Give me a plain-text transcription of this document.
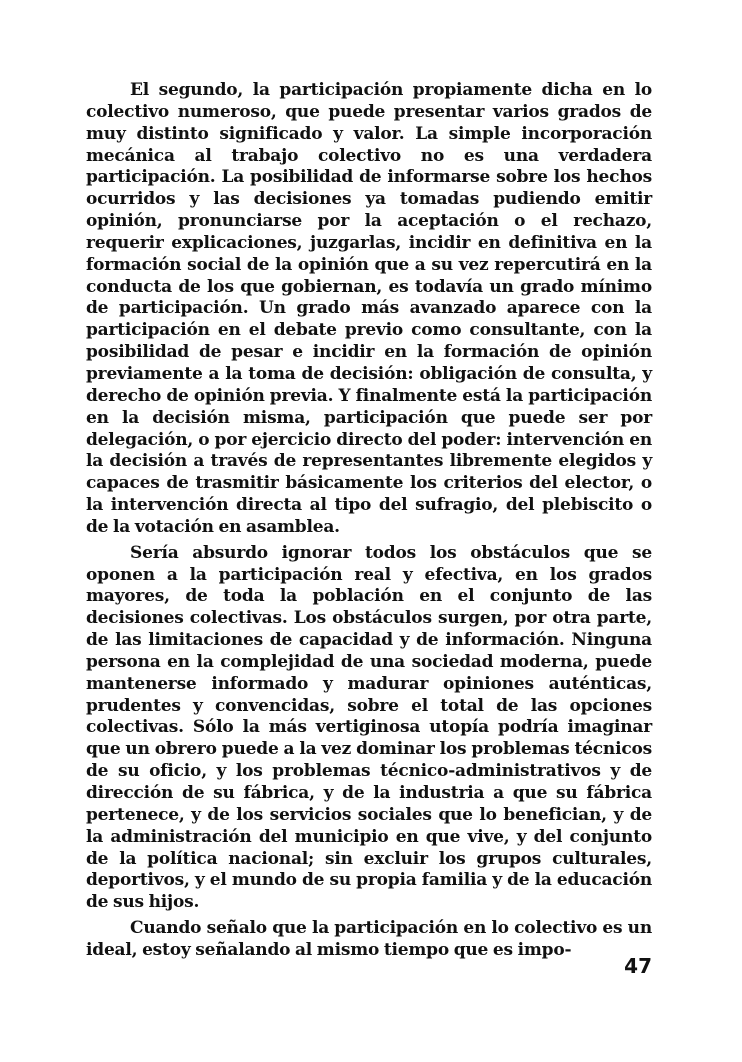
El segundo, la participación propiamente dicha en lo colectivo numeroso, que puede presentar varios grados de muy distinto significado y valor. La simple incorporación mecánica al trabajo colectivo no es una verdadera participación. La posibilidad de informarse sobre los hechos ocurridos y las decisiones ya tomadas pudiendo emitir opinión, pronunciarse por la aceptación o el rechazo, requerir explicaciones, juzgarlas, incidir en definitiva en la formación social de la opinión que a su vez repercutirá en la conducta de los que gobiernan, es todavía un grado mínimo de participación. Un grado más avanzado aparece con la participación en el debate previo como consultante, con la posibilidad de pesar e incidir en la formación de opinión previamente a la toma de decisión: obligación de consulta, y derecho de opinión previa. Y finalmente está la participación en la decisión misma, participación que puede ser por delegación, o por ejercicio directo del poder: intervención en la decisión a través de representantes libremente elegidos y capaces de trasmitir básicamente los criterios del elector, o la intervención directa al tipo del sufragio, del plebiscito o de la votación en asamblea.

Sería absurdo ignorar todos los obstáculos que se oponen a la participación real y efectiva, en los grados mayores, de toda la población en el conjunto de las decisiones colectivas. Los obstáculos surgen, por otra parte, de las limitaciones de capacidad y de información. Ninguna persona en la complejidad de una sociedad moderna, puede mantenerse informado y madurar opiniones auténticas, prudentes y convencidas, sobre el total de las opciones colectivas. Sólo la más vertiginosa utopía podría imaginar que un obrero puede a la vez dominar los problemas técnicos de su oficio, y los problemas técnico-administrativos y de dirección de su fábrica, y de la industria a que su fábrica pertenece, y de los servicios sociales que lo benefician, y de la administración del municipio en que vive, y del conjunto de la política nacional; sin excluir los grupos culturales, deportivos, y el mundo de su propia familia y de la educación de sus hijos.

Cuando señalo que la participación en lo colectivo es un ideal, estoy señalando al mismo tiempo que es impo-

47
